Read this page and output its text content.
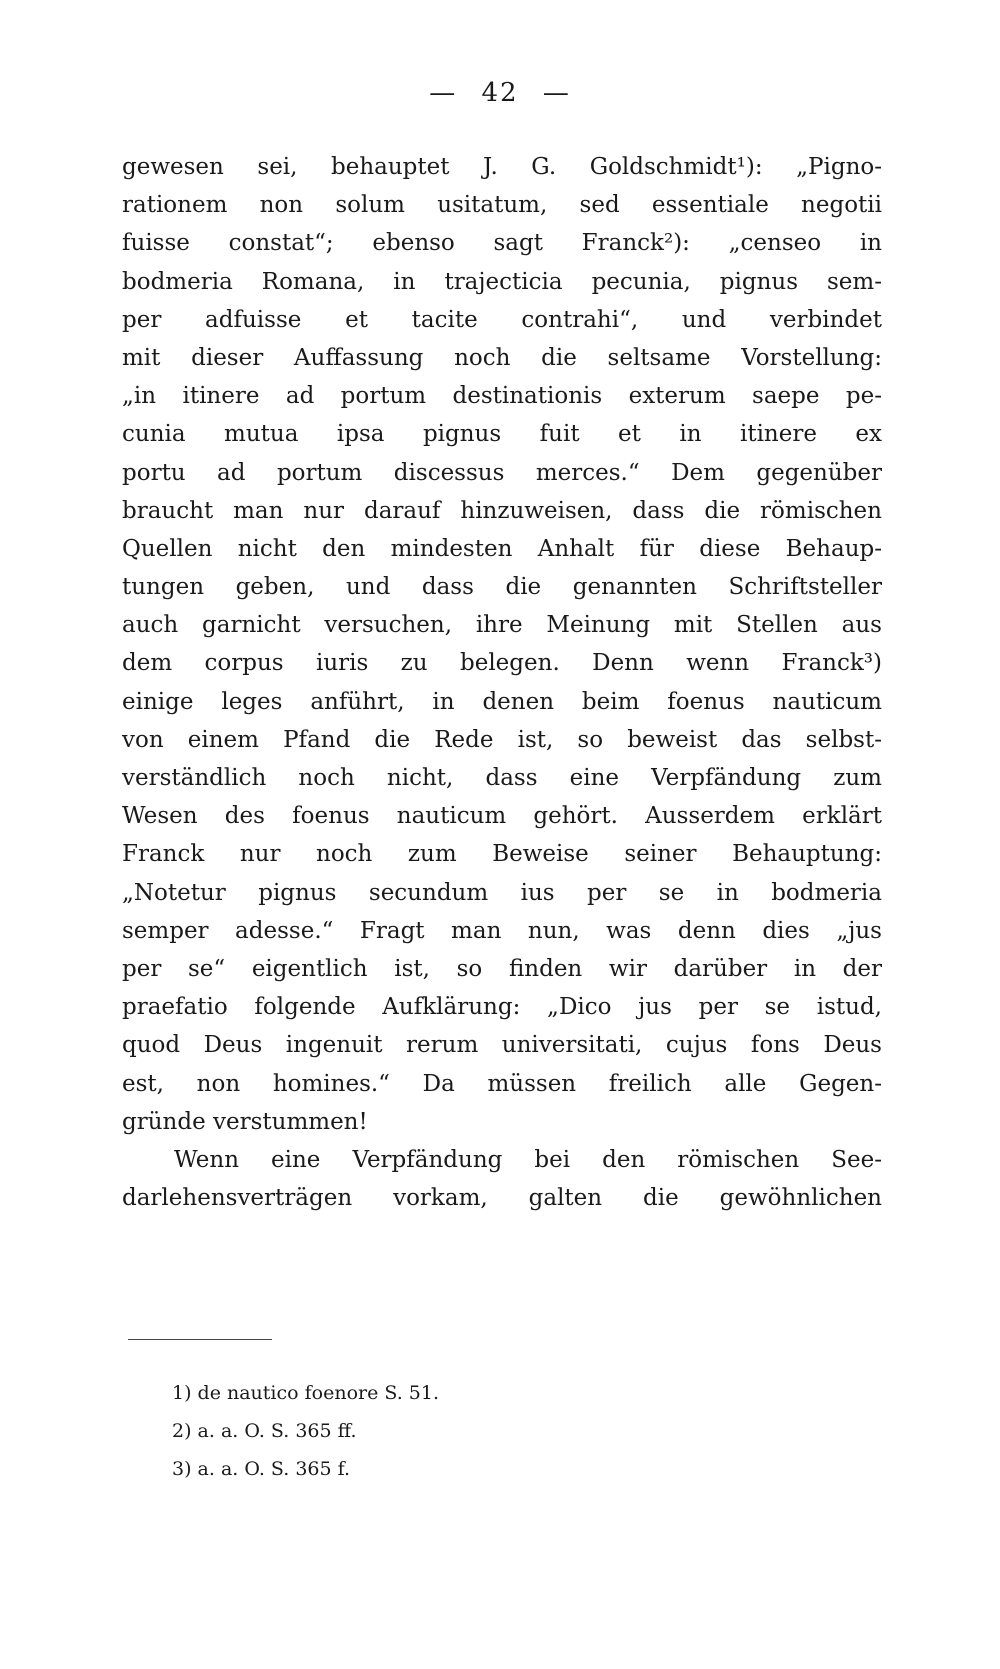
— 42 —
gewesen sei, behauptet J. G. Goldschmidt¹): „Pigno-
rationem non solum usitatum, sed essentiale negotii
fuisse constat“; ebenso sagt Franck²): „censeo in
bodmeria Romana, in trajecticia pecunia, pignus sem-
per adfuisse et tacite contrahi“, und verbindet
mit dieser Auffassung noch die seltsame Vorstellung:
„in itinere ad portum destinationis exterum saepe pe-
cunia mutua ipsa pignus fuit et in itinere ex
portu ad portum discessus merces.“ Dem gegenüber
braucht man nur darauf hinzuweisen, dass die römischen
Quellen nicht den mindesten Anhalt für diese Behaup-
tungen geben, und dass die genannten Schriftsteller
auch garnicht versuchen, ihre Meinung mit Stellen aus
dem corpus iuris zu belegen. Denn wenn Franck³)
einige leges anführt, in denen beim foenus nauticum
von einem Pfand die Rede ist, so beweist das selbst-
verständlich noch nicht, dass eine Verpfändung zum
Wesen des foenus nauticum gehört. Ausserdem erklärt
Franck nur noch zum Beweise seiner Behauptung:
„Notetur pignus secundum ius per se in bodmeria
semper adesse.“ Fragt man nun, was denn dies „jus
per se“ eigentlich ist, so finden wir darüber in der
praefatio folgende Aufklärung: „Dico jus per se istud,
quod Deus ingenuit rerum universitati, cujus fons Deus
est, non homines.“ Da müssen freilich alle Gegen-
gründe verstummen!
Wenn eine Verpfändung bei den römischen See-
darlehensverträgen vorkam, galten die gewöhnlichen
1) de nautico foenore S. 51.
2) a. a. O. S. 365 ff.
3) a. a. O. S. 365 f.
